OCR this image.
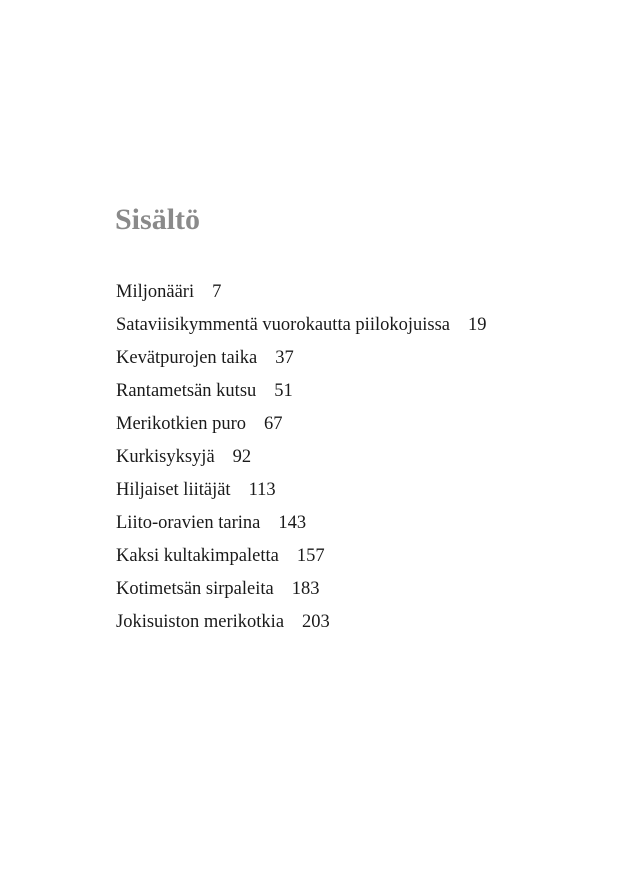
Sisältö
Miljonääri 7
Sataviisikymmentä vuorokautta piilokojuissa 19
Kevätpurojen taika 37
Rantametsän kutsu 51
Merikotkien puro 67
Kurkisyksyjä 92
Hiljaiset liitäjät 113
Liito-oravien tarina 143
Kaksi kultakimpaletta 157
Kotimetsän sirpaleita 183
Jokisuiston merikotkia 203
